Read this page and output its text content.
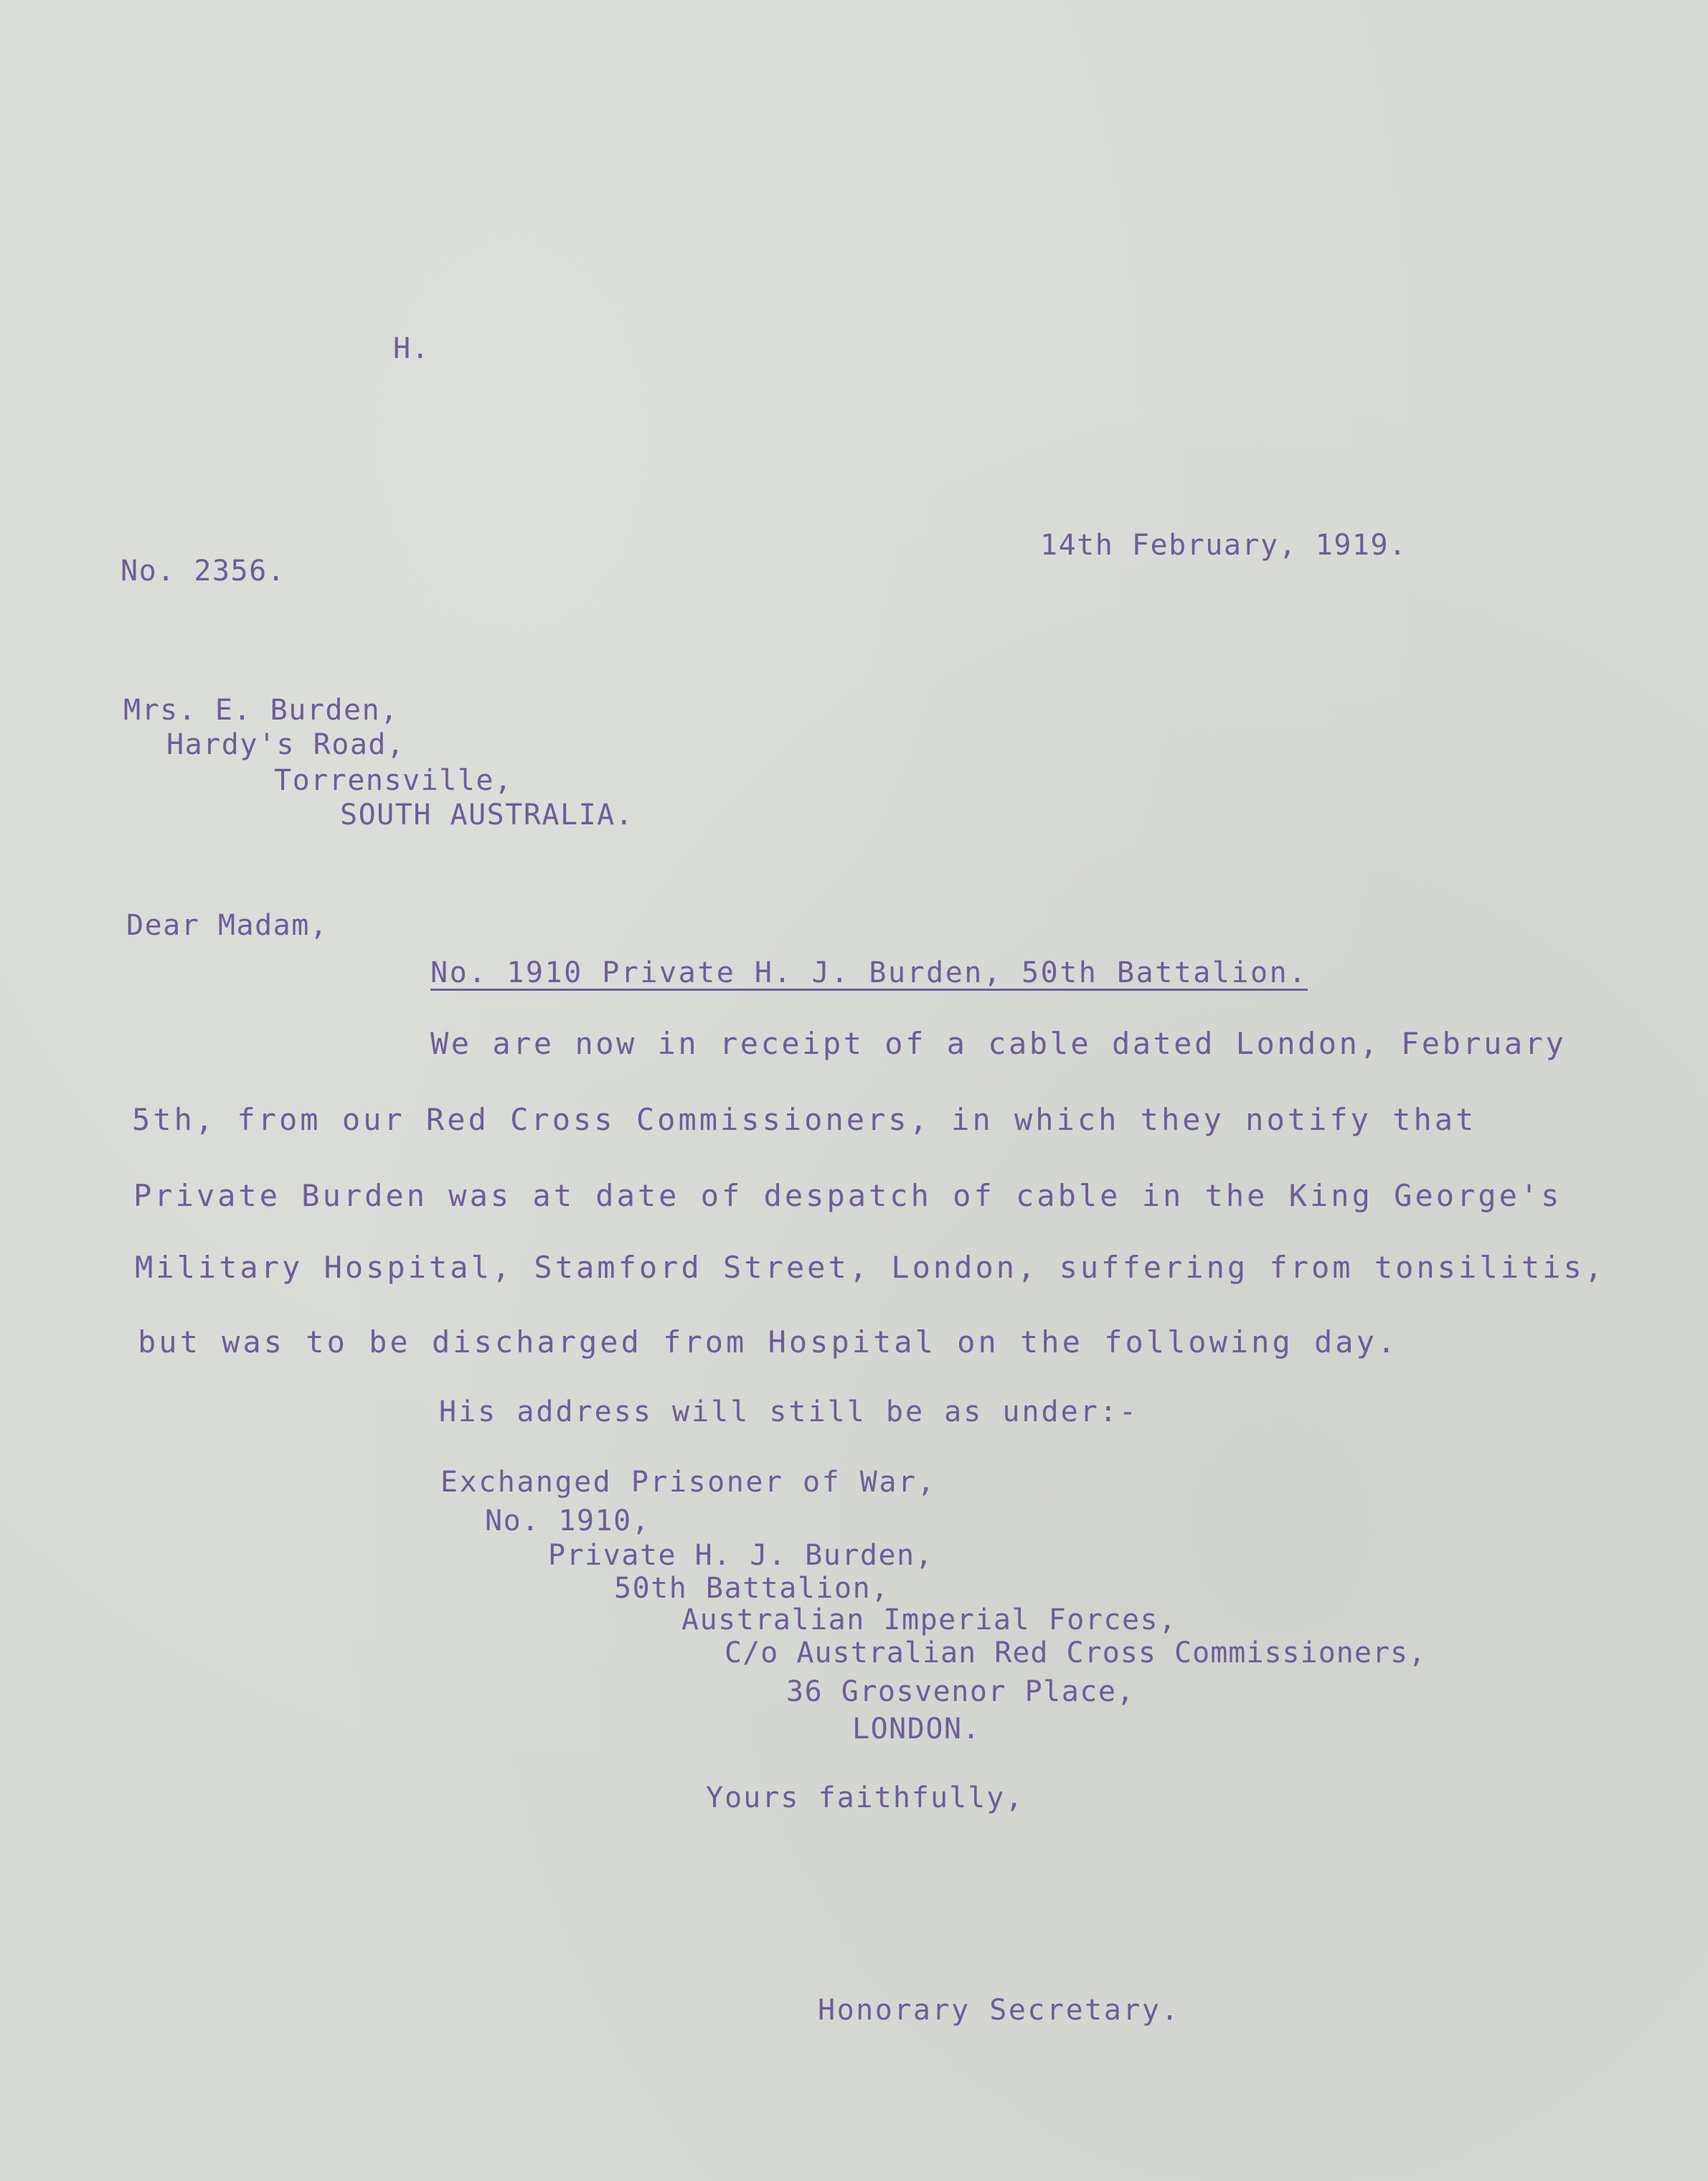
H.
No. 2356.
14th February, 1919.
Mrs. E. Burden,
Hardy's Road,
Torrensville,
SOUTH AUSTRALIA.
Dear Madam,
No. 1910 Private H. J. Burden, 50th Battalion.
We are now in receipt of a cable dated London, February
5th, from our Red Cross Commissioners, in which they notify that
Private Burden was at date of despatch of cable in the King George's
Military Hospital, Stamford Street, London, suffering from tonsilitis,
but was to be discharged from Hospital on the following day.
His address will still be as under:-
Exchanged Prisoner of War,
No. 1910,
Private H. J. Burden,
50th Battalion,
Australian Imperial Forces,
C/o Australian Red Cross Commissioners,
36 Grosvenor Place,
LONDON.
Yours faithfully,
Honorary Secretary.
